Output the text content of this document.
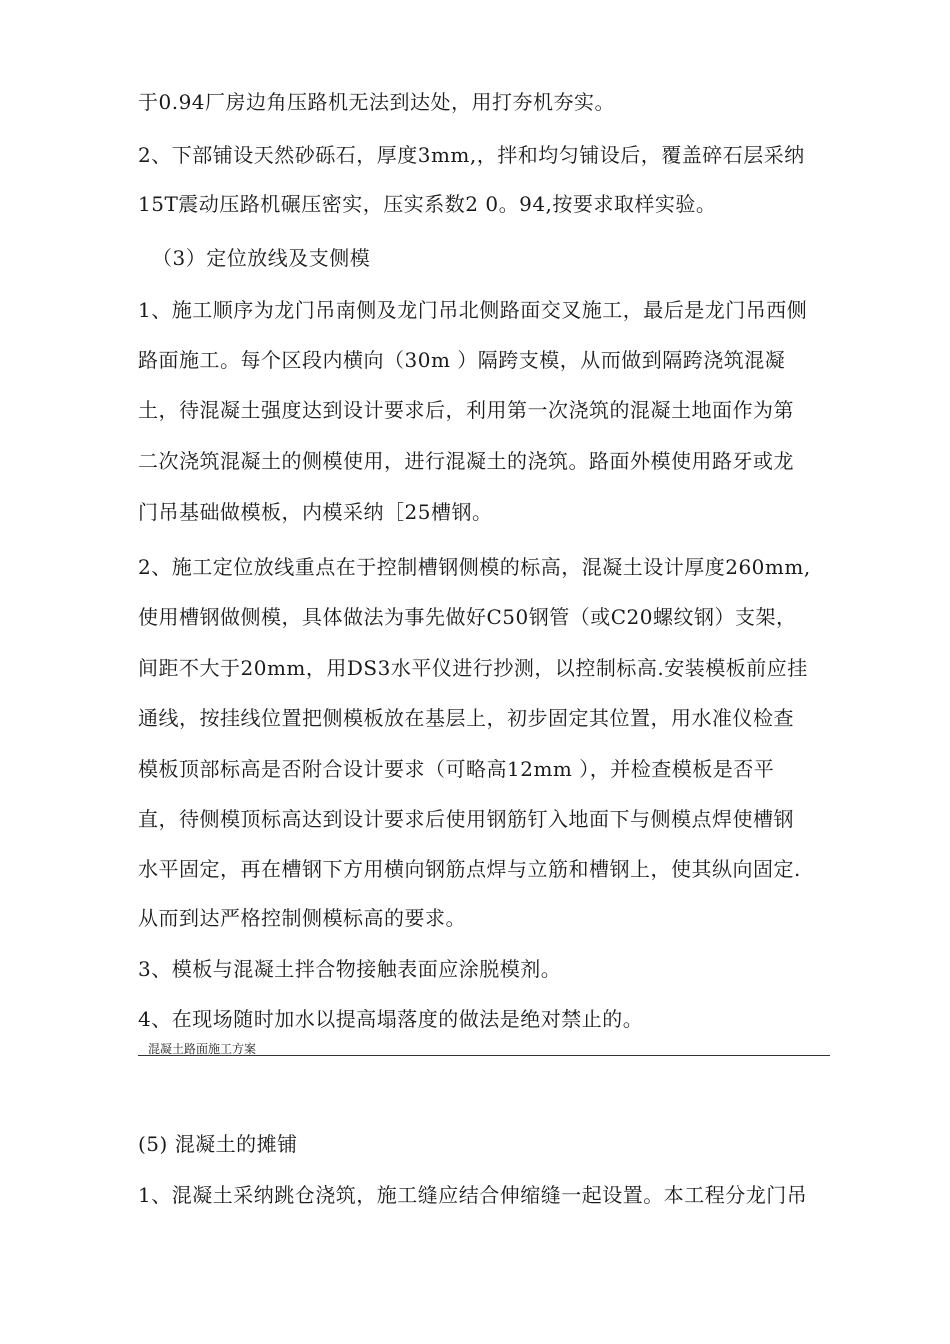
于0.94厂房边角压路机无法到达处，用打夯机夯实。
2、下部铺设天然砂砾石，厚度3mm,，拌和均匀铺设后，覆盖碎石层采纳
15T震动压路机碾压密实，压实系数2 0。94,按要求取样实验。
（3）定位放线及支侧模
1、施工顺序为龙门吊南侧及龙门吊北侧路面交叉施工，最后是龙门吊西侧
路面施工。每个区段内横向（30m ）隔跨支模，从而做到隔跨浇筑混凝
土，待混凝土强度达到设计要求后，利用第一次浇筑的混凝土地面作为第
二次浇筑混凝土的侧模使用，进行混凝土的浇筑。路面外模使用路牙或龙
门吊基础做模板，内模采纳［25槽钢。
2、施工定位放线重点在于控制槽钢侧模的标高，混凝土设计厚度260mm,
使用槽钢做侧模，具体做法为事先做好C50钢管（或C20螺纹钢）支架，
间距不大于20mm，用DS3水平仪进行抄测，以控制标高.安装模板前应挂
通线，按挂线位置把侧模板放在基层上，初步固定其位置，用水准仪检查
模板顶部标高是否附合设计要求（可略高12mm ），并检查模板是否平
直，待侧模顶标高达到设计要求后使用钢筋钉入地面下与侧模点焊使槽钢
水平固定，再在槽钢下方用横向钢筋点焊与立筋和槽钢上，使其纵向固定.
从而到达严格控制侧模标高的要求。
3、模板与混凝土拌合物接触表面应涂脱模剂。
4、在现场随时加水以提高塌落度的做法是绝对禁止的。
混凝土路面施工方案
(5) 混凝土的摊铺
1、混凝土采纳跳仓浇筑，施工缝应结合伸缩缝一起设置。本工程分龙门吊
